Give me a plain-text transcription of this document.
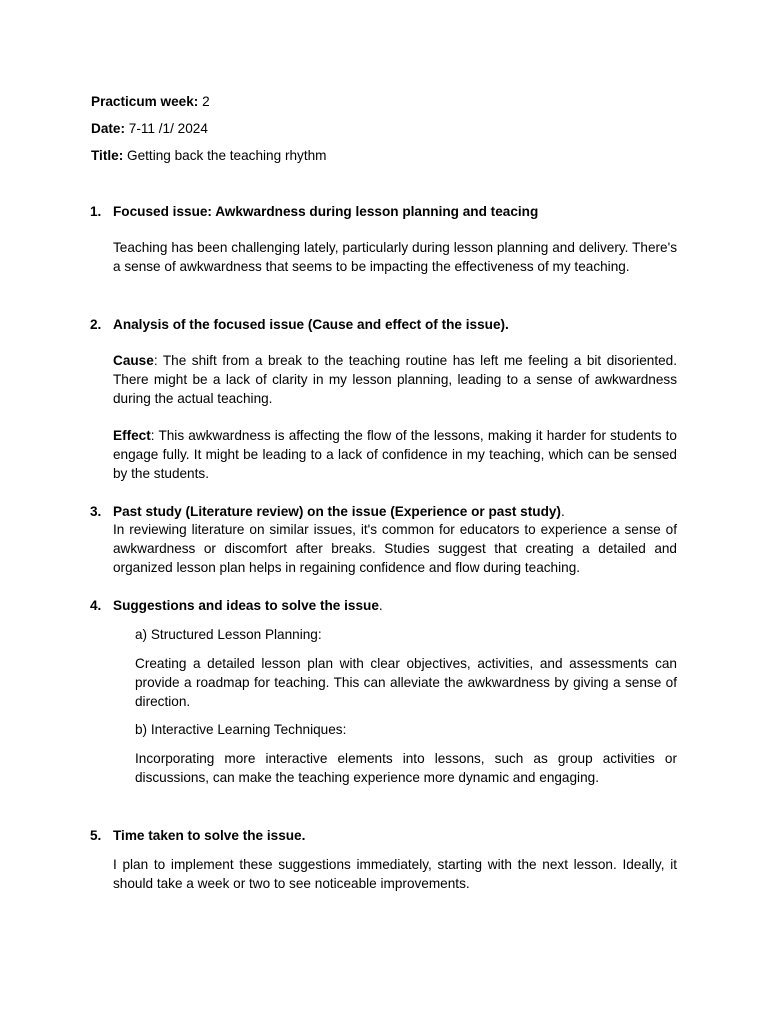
Practicum week: 2
Date: 7-11 /1/ 2024
Title: Getting back the teaching rhythm
1. Focused issue: Awkwardness during lesson planning and teacing

Teaching has been challenging lately, particularly during lesson planning and delivery. There's a sense of awkwardness that seems to be impacting the effectiveness of my teaching.

2. Analysis of the focused issue (Cause and effect of the issue).

Cause: The shift from a break to the teaching routine has left me feeling a bit disoriented. There might be a lack of clarity in my lesson planning, leading to a sense of awkwardness during the actual teaching.

Effect: This awkwardness is affecting the flow of the lessons, making it harder for students to engage fully. It might be leading to a lack of confidence in my teaching, which can be sensed by the students.

3. Past study (Literature review) on the issue (Experience or past study).

In reviewing literature on similar issues, it's common for educators to experience a sense of awkwardness or discomfort after breaks. Studies suggest that creating a detailed and organized lesson plan helps in regaining confidence and flow during teaching.

4. Suggestions and ideas to solve the issue.

a) Structured Lesson Planning:

Creating a detailed lesson plan with clear objectives, activities, and assessments can provide a roadmap for teaching. This can alleviate the awkwardness by giving a sense of direction.

b) Interactive Learning Techniques:

Incorporating more interactive elements into lessons, such as group activities or discussions, can make the teaching experience more dynamic and engaging.

5. Time taken to solve the issue.

I plan to implement these suggestions immediately, starting with the next lesson. Ideally, it should take a week or two to see noticeable improvements.
